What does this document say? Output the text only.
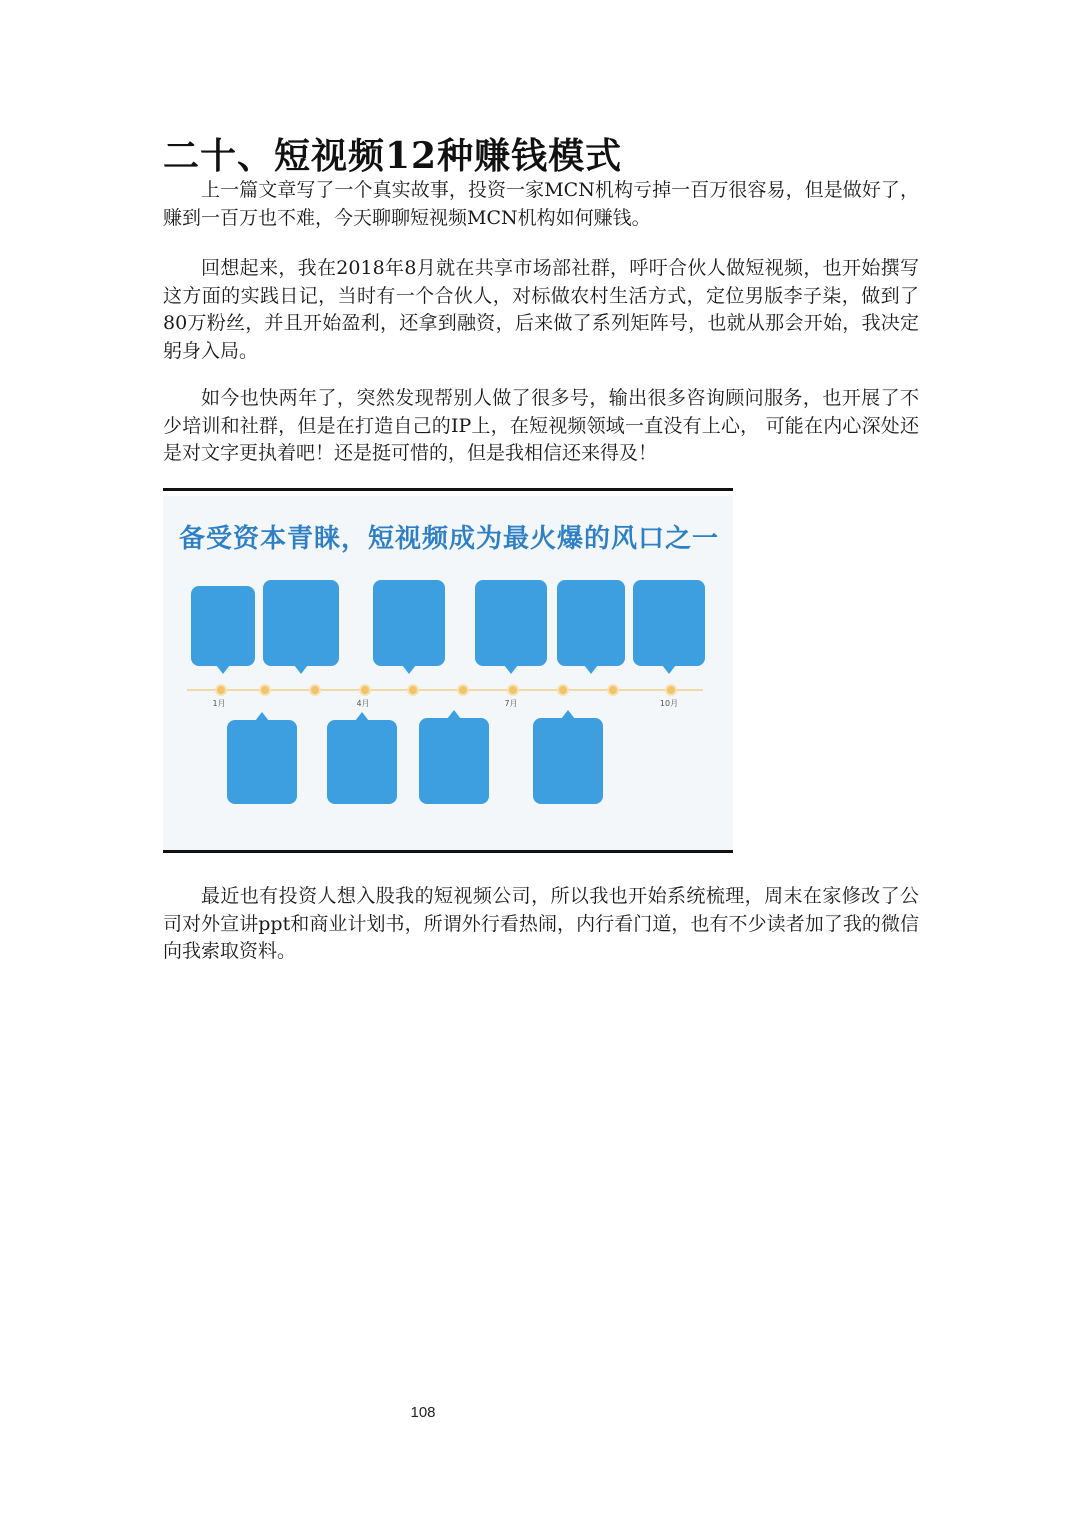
二十、短视频12种赚钱模式

上一篇文章写了一个真实故事，投资一家MCN机构亏掉一百万很容易，但是做好了，赚到一百万也不难，今天聊聊短视频MCN机构如何赚钱。

回想起来，我在2018年8月就在共享市场部社群，呼吁合伙人做短视频，也开始撰写这方面的实践日记，当时有一个合伙人，对标做农村生活方式，定位男版李子柒，做到了80万粉丝，并且开始盈利，还拿到融资，后来做了系列矩阵号，也就从那会开始，我决定躬身入局。

如今也快两年了，突然发现帮别人做了很多号，输出很多咨询顾问服务，也开展了不少培训和社群，但是在打造自己的IP上，在短视频领域一直没有上心， 可能在内心深处还是对文字更执着吧！还是挺可惜的，但是我相信还来得及！

备受资本青睐，短视频成为最火爆的风口之一
1月	4月	7月	10月

最近也有投资人想入股我的短视频公司，所以我也开始系统梳理，周末在家修改了公司对外宣讲ppt和商业计划书，所谓外行看热闹，内行看门道，也有不少读者加了我的微信向我索取资料。

108
